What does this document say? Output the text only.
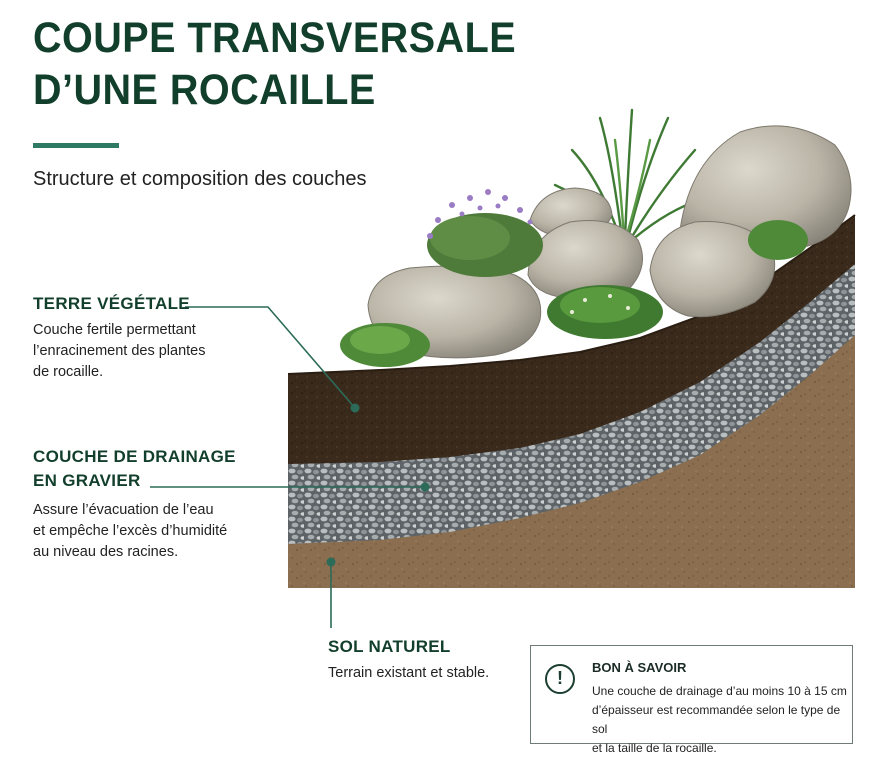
COUPE TRANSVERSALE
D’UNE ROCAILLE

Structure et composition des couches

TERRE VÉGÉTALE

Couche fertile permettant
l’enracinement des plantes
de rocaille.

COUCHE DE DRAINAGE
EN GRAVIER

Assure l’évacuation de l’eau
et empêche l’excès d’humidité
au niveau des racines.

SOL NATUREL

Terrain existant et stable.	!
BON À SAVOIR
Une couche de drainage d’au moins 10 à 15 cm
d’épaisseur est recommandée selon le type de sol
et la taille de la rocaille.
